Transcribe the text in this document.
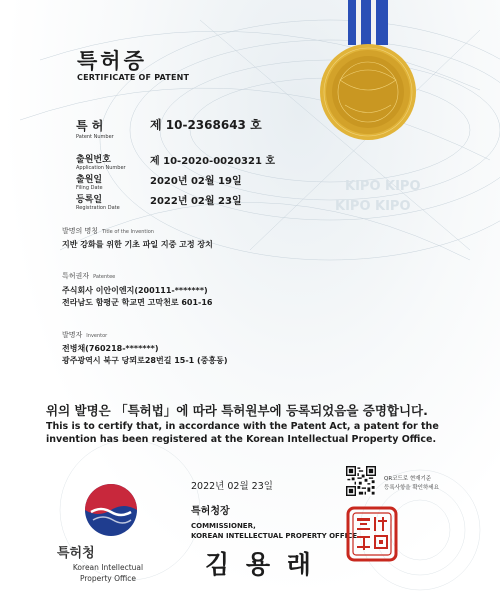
KIPO KIPO
KIPO KIPO
특허증
CERTIFICATE OF PATENT
특 허
Patent Number
제 10-2368643 호
출원번호
Application Number
제 10-2020-0020321 호
출원일
Filing Date
2020년 02월 19일
등록일
Registration Date
2022년 02월 23일
발명의 명칭 Title of the Invention
지반 강화를 위한 기초 파일 지중 고정 장치
특허권자 Patentee
주식회사 이안이엔지(200111-*******)
전라남도 함평군 학교면 고막천로 601-16
발명자 Inventor
전병채(760218-*******)
광주광역시 북구 당뫼로28번길 15-1 (중흥동)
위의 발명은 「특허법」에 따라 특허원부에 등록되었음을 증명합니다.
This is to certify that, in accordance with the Patent Act, a patent for the
invention has been registered at the Korean Intellectual Property Office.
2022년 02월 23일
QR코드로 현재기준
등록사항을 확인하세요
특허청장
COMMISSIONER,
KOREAN INTELLECTUAL PROPERTY OFFICE
김 용 래
특허청
Korean Intellectual
Property Office
